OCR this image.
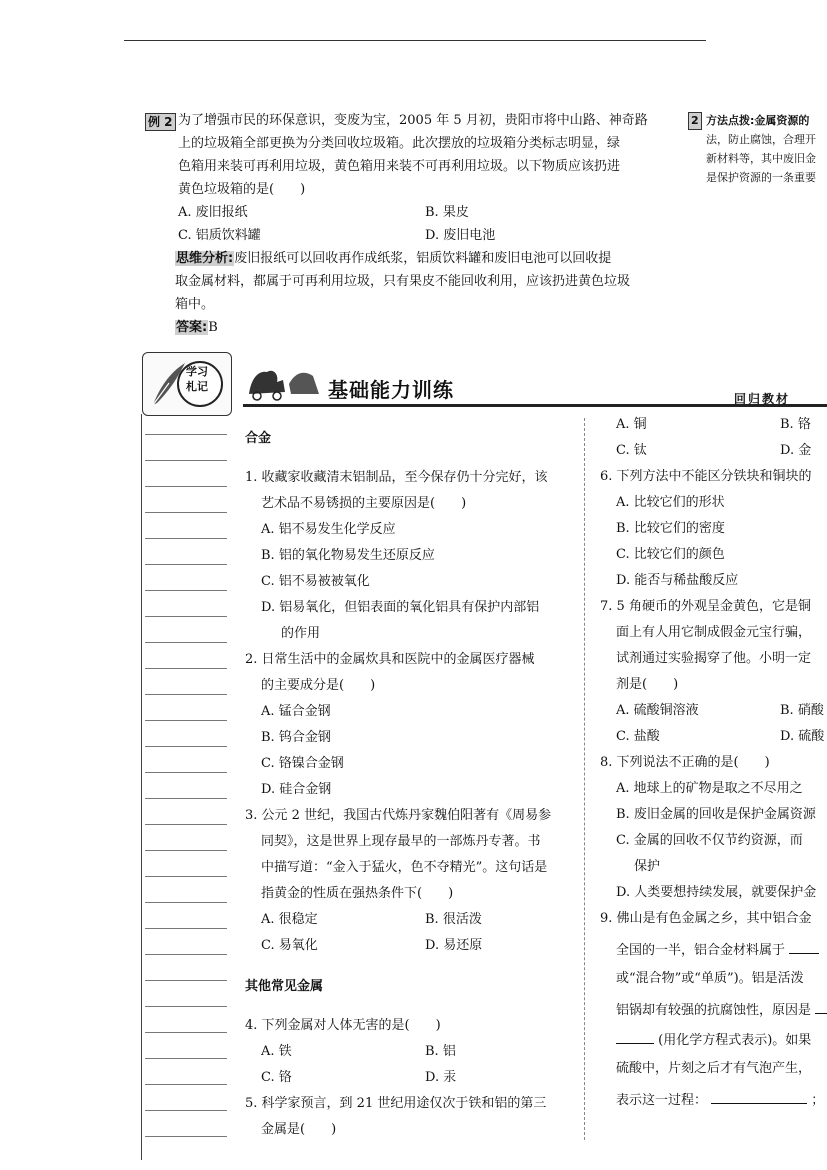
例 2 为了增强市民的环保意识，变废为宝，2005 年 5 月初，贵阳市将中山路、神奇路
上的垃圾箱全部更换为分类回收垃圾箱。此次摆放的垃圾箱分类标志明显，绿
色箱用来装可再利用垃圾，黄色箱用来装不可再利用垃圾。以下物质应该扔进
黄色垃圾箱的是(　　)
A. 废旧报纸	B. 果皮
C. 铝质饮料罐	D. 废旧电池
思维分析:废旧报纸可以回收再作成纸浆，铝质饮料罐和废旧电池可以回收提
取金属材料，都属于可再利用垃圾，只有果皮不能回收利用，应该扔进黄色垃圾
箱中。
答案:B
2 方法点拨:金属资源的
法，防止腐蚀，合理开
新材料等，其中废旧金
是保护资源的一条重要
学习
札记	基础能力训练	回归教材
合金
1. 收藏家收藏清末铝制品，至今保存仍十分完好，该
艺术品不易锈损的主要原因是(　　)
A. 铝不易发生化学反应
B. 铝的氧化物易发生还原反应
C. 铝不易被被氧化
D. 铝易氧化，但铝表面的氧化铝具有保护内部铝
的作用
2. 日常生活中的金属炊具和医院中的金属医疗器械
的主要成分是(　　)
A. 锰合金钢
B. 钨合金钢
C. 铬镍合金钢
D. 硅合金钢
3. 公元 2 世纪，我国古代炼丹家魏伯阳著有《周易参
同契》，这是世界上现存最早的一部炼丹专著。书
中描写道：“金入于猛火，色不夺精光”。这句话是
指黄金的性质在强热条件下(　　)
A. 很稳定	B. 很活泼
C. 易氧化	D. 易还原
其他常见金属
4. 下列金属对人体无害的是(　　)
A. 铁	B. 铝
C. 铬	D. 汞
5. 科学家预言，到 21 世纪用途仅次于铁和铝的第三
金属是(　　)
A. 铜	B. 铬
C. 钛	D. 金
6. 下列方法中不能区分铁块和铜块的
A. 比较它们的形状
B. 比较它们的密度
C. 比较它们的颜色
D. 能否与稀盐酸反应
7. 5 角硬币的外观呈金黄色，它是铜
面上有人用它制成假金元宝行骗，
试剂通过实验揭穿了他。小明一定
剂是(　　)
A. 硫酸铜溶液	B. 硝酸
C. 盐酸	D. 硫酸
8. 下列说法不正确的是(　　)
A. 地球上的矿物是取之不尽用之
B. 废旧金属的回收是保护金属资源
C. 金属的回收不仅节约资源，而
保护
D. 人类要想持续发展，就要保护金
9. 佛山是有色金属之乡，其中铝合金
全国的一半，铝合金材料属于
或“混合物”或“单质”)。铝是活泼
铝锅却有较强的抗腐蚀性，原因是
(用化学方程式表示)。如果
硫酸中，片刻之后才有气泡产生，
表示这一过程：	；
